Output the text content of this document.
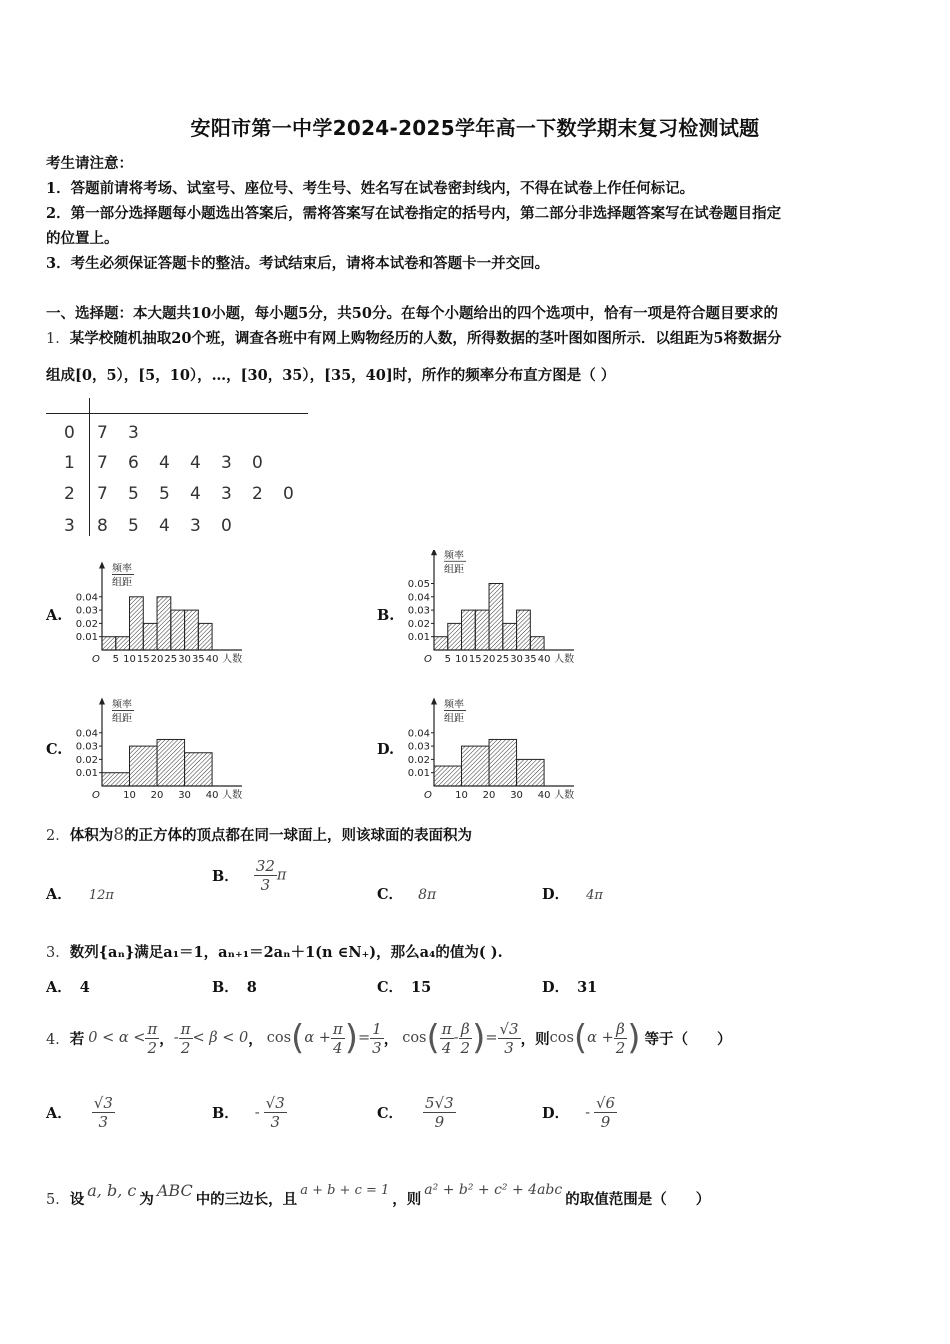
安阳市第一中学2024-2025学年高一下数学期末复习检测试题
考生请注意：
1．答题前请将考场、试室号、座位号、考生号、姓名写在试卷密封线内，不得在试卷上作任何标记。
2．第一部分选择题每小题选出答案后，需将答案写在试卷指定的括号内，第二部分非选择题答案写在试卷题目指定
的位置上。
3．考生必须保证答题卡的整洁。考试结束后，请将本试卷和答题卡一并交回。
一、选择题：本大题共10小题，每小题5分，共50分。在每个小题给出的四个选项中，恰有一项是符合题目要求的
1．某学校随机抽取20个班，调查各班中有网上购物经历的人数，所得数据的茎叶图如图所示．以组距为5将数据分
组成[0，5），[5，10），…，[30，35），[35，40]时，所作的频率分布直方图是（ ）
0 7 3
1 7 6 4 4 3 0
2 7 5 5 4 3 2 0
3 8 5 4 3 0
A.	B.
C.	D.
频率
组距
0.01
0.02
0.03
0.04
O 5 10 15 20 25 30 35 40 人数
频率
组距
0.01
0.02
0.03
0.04
0.05
O 5 10 15 20 25 30 35 40 人数
频率
组距
0.01
0.02
0.03
0.04
O 10 20 30 40 人数
频率
组距
0.01
0.02
0.03
0.04
O 10 20 30 40 人数
2．体积为8的正方体的顶点都在同一球面上，则该球面的表面积为
A． 12π
B． $\frac{32}{3}$ π
C． 8π	D． 4π
3．数列{aₙ}满足a₁＝1，aₙ₊₁＝2aₙ＋1(n ∈N₊)，那么a₄的值为( ).
A． 4	B． 8	C． 15	D． 31
4． 若 $0 < \alpha < \frac{\pi}{2}$ ， - $\frac{\pi}{2} < \beta < 0$ ， cos ( $\alpha + \frac{\pi}{4}$ ) = $\frac{1}{3}$ ， cos ( $\frac{\pi}{4} - \frac{\beta}{2}$ ) = $\frac{√3}{3}$ ， 则 cos ( $\alpha + \frac{\beta}{2}$ ) 等于（　　）
A． $\frac{√3}{3}$	B． - $\frac{√3}{3}$	C． $\frac{5√3}{9}$	D． - $\frac{√6}{9}$
5． 设 a, b, c 为 ABC 中的三边长，且
a + b + c = 1
，则
a² + b² + c² + 4abc
的取值范围是（　　）
